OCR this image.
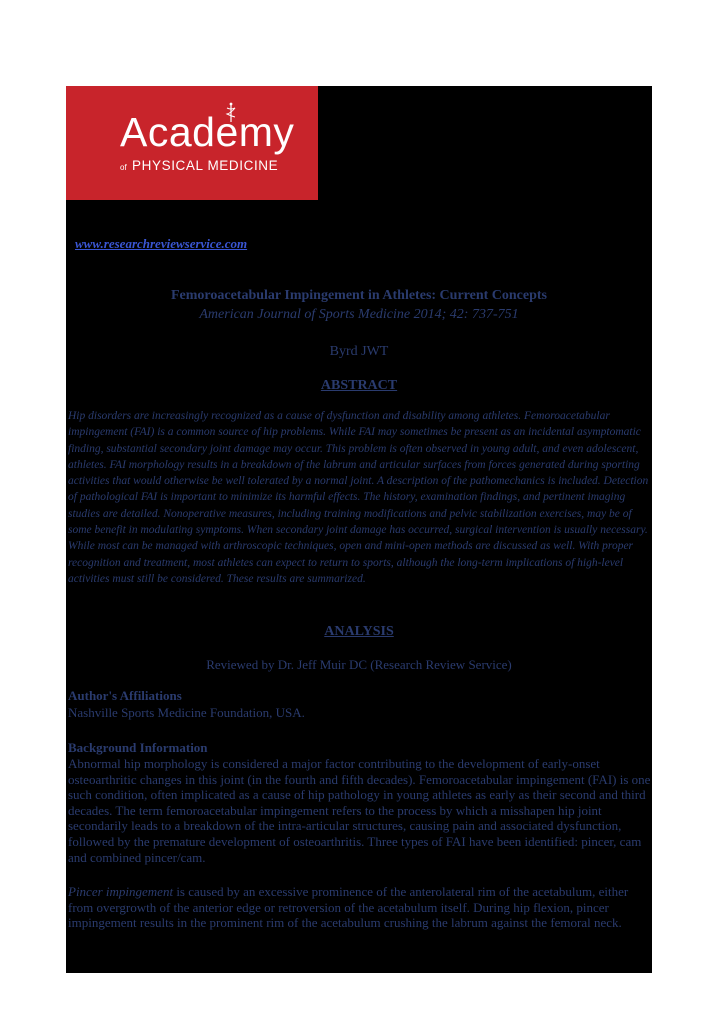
Academy
of PHYSICAL MEDICINE
www.researchreviewservice.com
Femoroacetabular Impingement in Athletes: Current Concepts
American Journal of Sports Medicine 2014; 42: 737-751
Byrd JWT
ABSTRACT

Hip disorders are increasingly recognized as a cause of dysfunction and disability among athletes. Femoroacetabular impingement (FAI) is a common source of hip problems. While FAI may sometimes be present as an incidental asymptomatic finding, substantial secondary joint damage may occur. This problem is often observed in young adult, and even adolescent, athletes. FAI morphology results in a breakdown of the labrum and articular surfaces from forces generated during sporting activities that would otherwise be well tolerated by a normal joint. A description of the pathomechanics is included. Detection of pathological FAI is important to minimize its harmful effects. The history, examination findings, and pertinent imaging studies are detailed. Nonoperative measures, including training modifications and pelvic stabilization exercises, may be of some benefit in modulating symptoms. When secondary joint damage has occurred, surgical intervention is usually necessary. While most can be managed with arthroscopic techniques, open and mini-open methods are discussed as well. With proper recognition and treatment, most athletes can expect to return to sports, although the long-term implications of high-level activities must still be considered. These results are summarized.

ANALYSIS
Reviewed by Dr. Jeff Muir DC (Research Review Service)
Author's Affiliations

Nashville Sports Medicine Foundation, USA.

Background Information

Abnormal hip morphology is considered a major factor contributing to the development of early-onset osteoarthritic changes in this joint (in the fourth and fifth decades). Femoroacetabular impingement (FAI) is one such condition, often implicated as a cause of hip pathology in young athletes as early as their second and third decades. The term femoroacetabular impingement refers to the process by which a misshapen hip joint secondarily leads to a breakdown of the intra-articular structures, causing pain and associated dysfunction, followed by the premature development of osteoarthritis. Three types of FAI have been identified: pincer, cam and combined pincer/cam.

Pincer impingement is caused by an excessive prominence of the anterolateral rim of the acetabulum, either from overgrowth of the anterior edge or retroversion of the acetabulum itself. During hip flexion, pincer impingement results in the prominent rim of the acetabulum crushing the labrum against the femoral neck.
